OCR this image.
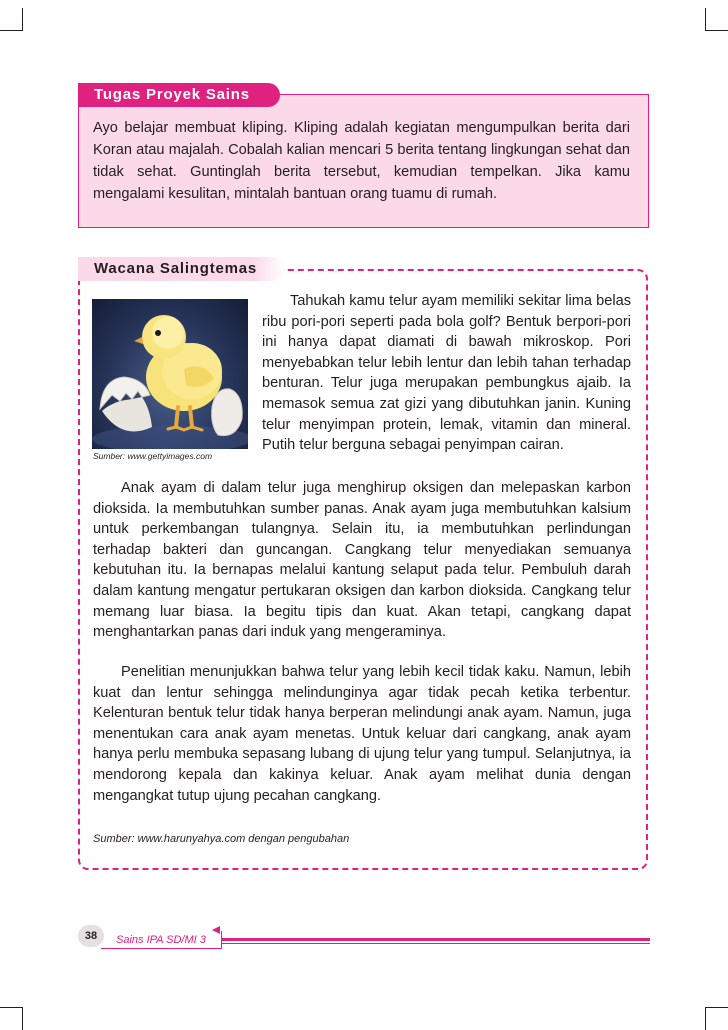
Tugas Proyek Sains

Ayo belajar membuat kliping. Kliping adalah kegiatan mengumpulkan berita dari Koran atau majalah. Cobalah kalian mencari 5 berita tentang lingkungan sehat dan tidak sehat. Guntinglah berita tersebut, kemudian tempelkan. Jika kamu mengalami kesulitan, mintalah bantuan orang tuamu di rumah.

Wacana Salingtemas
Sumber: www.gettyimages.com

Tahukah kamu telur ayam memiliki sekitar lima belas ribu pori-pori seperti pada bola golf? Bentuk berpori-pori ini hanya dapat diamati di bawah mikroskop. Pori menyebabkan telur lebih lentur dan lebih tahan terhadap benturan. Telur juga merupakan pembungkus ajaib. Ia memasok semua zat gizi yang dibutuhkan janin. Kuning telur menyimpan protein, lemak, vitamin dan mineral. Putih telur berguna sebagai penyimpan cairan.

Anak ayam di dalam telur juga menghirup oksigen dan melepaskan karbon dioksida. Ia membutuhkan sumber panas. Anak ayam juga membutuhkan kalsium untuk perkembangan tulangnya. Selain itu, ia membutuhkan perlindungan terhadap bakteri dan guncangan. Cangkang telur menyediakan semuanya kebutuhan itu. Ia bernapas melalui kantung selaput pada telur. Pembuluh darah dalam kantung mengatur pertukaran oksigen dan karbon dioksida. Cangkang telur memang luar biasa. Ia begitu tipis dan kuat. Akan tetapi, cangkang dapat menghantarkan panas dari induk yang mengeraminya.

Penelitian menunjukkan bahwa telur yang lebih kecil tidak kaku. Namun, lebih kuat dan lentur sehingga melindunginya agar tidak pecah ketika terbentur. Kelenturan bentuk telur tidak hanya berperan melindungi anak ayam. Namun, juga menentukan cara anak ayam menetas. Untuk keluar dari cangkang, anak ayam hanya perlu membuka sepasang lubang di ujung telur yang tumpul. Selanjutnya, ia mendorong kepala dan kakinya keluar. Anak ayam melihat dunia dengan mengangkat tutup ujung pecahan cangkang.

Sumber: www.harunyahya.com dengan pengubahan
38	Sains IPA SD/MI 3
